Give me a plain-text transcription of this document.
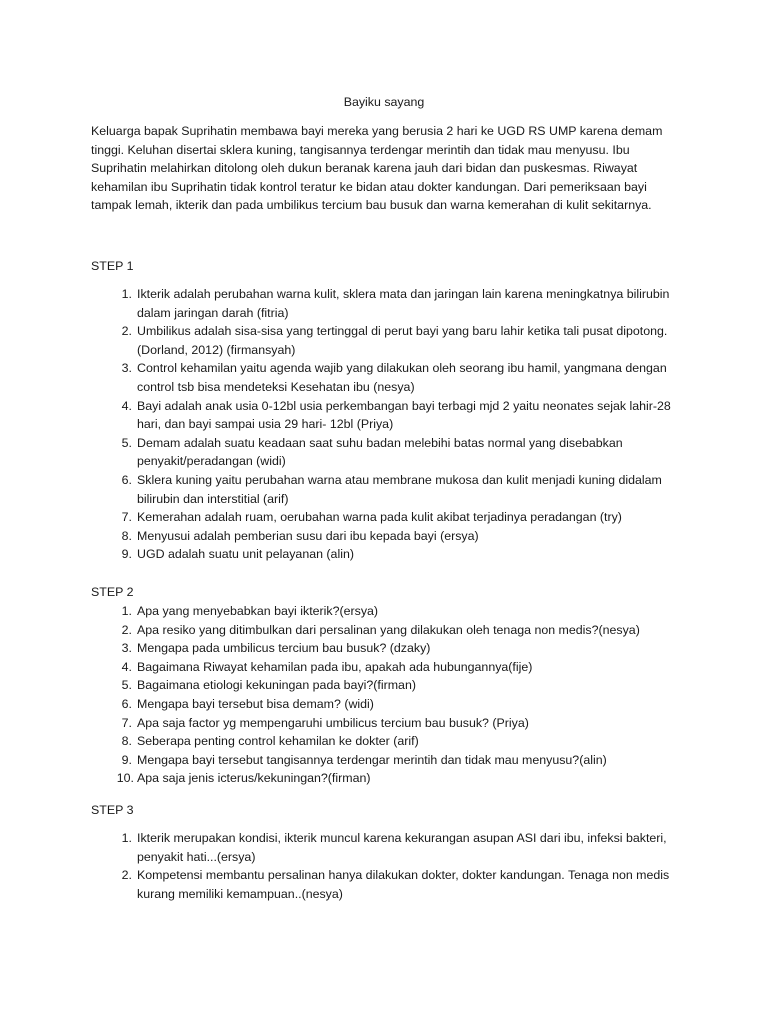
Bayiku sayang

Keluarga bapak Suprihatin membawa bayi mereka yang berusia 2 hari ke UGD RS UMP karena demam tinggi. Keluhan disertai sklera kuning, tangisannya terdengar merintih dan tidak mau menyusu. Ibu Suprihatin melahirkan ditolong oleh dukun beranak karena jauh dari bidan dan puskesmas. Riwayat kehamilan ibu Suprihatin tidak kontrol teratur ke bidan atau dokter kandungan. Dari pemeriksaan bayi tampak lemah, ikterik dan pada umbilikus tercium bau busuk dan warna kemerahan di kulit sekitarnya.

STEP 1
1. Ikterik adalah perubahan warna kulit, sklera mata dan jaringan lain karena meningkatnya bilirubin dalam jaringan darah (fitria)
2. Umbilikus adalah sisa-sisa yang tertinggal di perut bayi yang baru lahir ketika tali pusat dipotong. (Dorland, 2012) (firmansyah)
3. Control kehamilan yaitu agenda wajib yang dilakukan oleh seorang ibu hamil, yangmana dengan control tsb bisa mendeteksi Kesehatan ibu (nesya)
4. Bayi adalah anak usia 0-12bl usia perkembangan bayi terbagi mjd 2 yaitu neonates sejak lahir-28 hari, dan bayi sampai usia 29 hari- 12bl (Priya)
5. Demam adalah suatu keadaan saat suhu badan melebihi batas normal yang disebabkan penyakit/peradangan (widi)
6. Sklera kuning yaitu perubahan warna atau membrane mukosa dan kulit menjadi kuning didalam bilirubin dan interstitial (arif)
7. Kemerahan adalah ruam, oerubahan warna pada kulit akibat terjadinya peradangan (try)
8. Menyusui adalah pemberian susu dari ibu kepada bayi (ersya)
9. UGD adalah suatu unit pelayanan (alin)
STEP 2
1. Apa yang menyebabkan bayi ikterik?(ersya)
2. Apa resiko yang ditimbulkan dari persalinan yang dilakukan oleh tenaga non medis?(nesya)
3. Mengapa pada umbilicus tercium bau busuk? (dzaky)
4. Bagaimana Riwayat kehamilan pada ibu, apakah ada hubungannya(fije)
5. Bagaimana etiologi kekuningan pada bayi?(firman)
6. Mengapa bayi tersebut bisa demam? (widi)
7. Apa saja factor yg mempengaruhi umbilicus tercium bau busuk? (Priya)
8. Seberapa penting control kehamilan ke dokter (arif)
9. Mengapa bayi tersebut tangisannya terdengar merintih dan tidak mau menyusu?(alin)
10. Apa saja jenis icterus/kekuningan?(firman)
STEP 3
1. Ikterik merupakan kondisi, ikterik muncul karena kekurangan asupan ASI dari ibu, infeksi bakteri, penyakit hati...(ersya)
2. Kompetensi membantu persalinan hanya dilakukan dokter, dokter kandungan. Tenaga non medis kurang memiliki kemampuan..(nesya)
